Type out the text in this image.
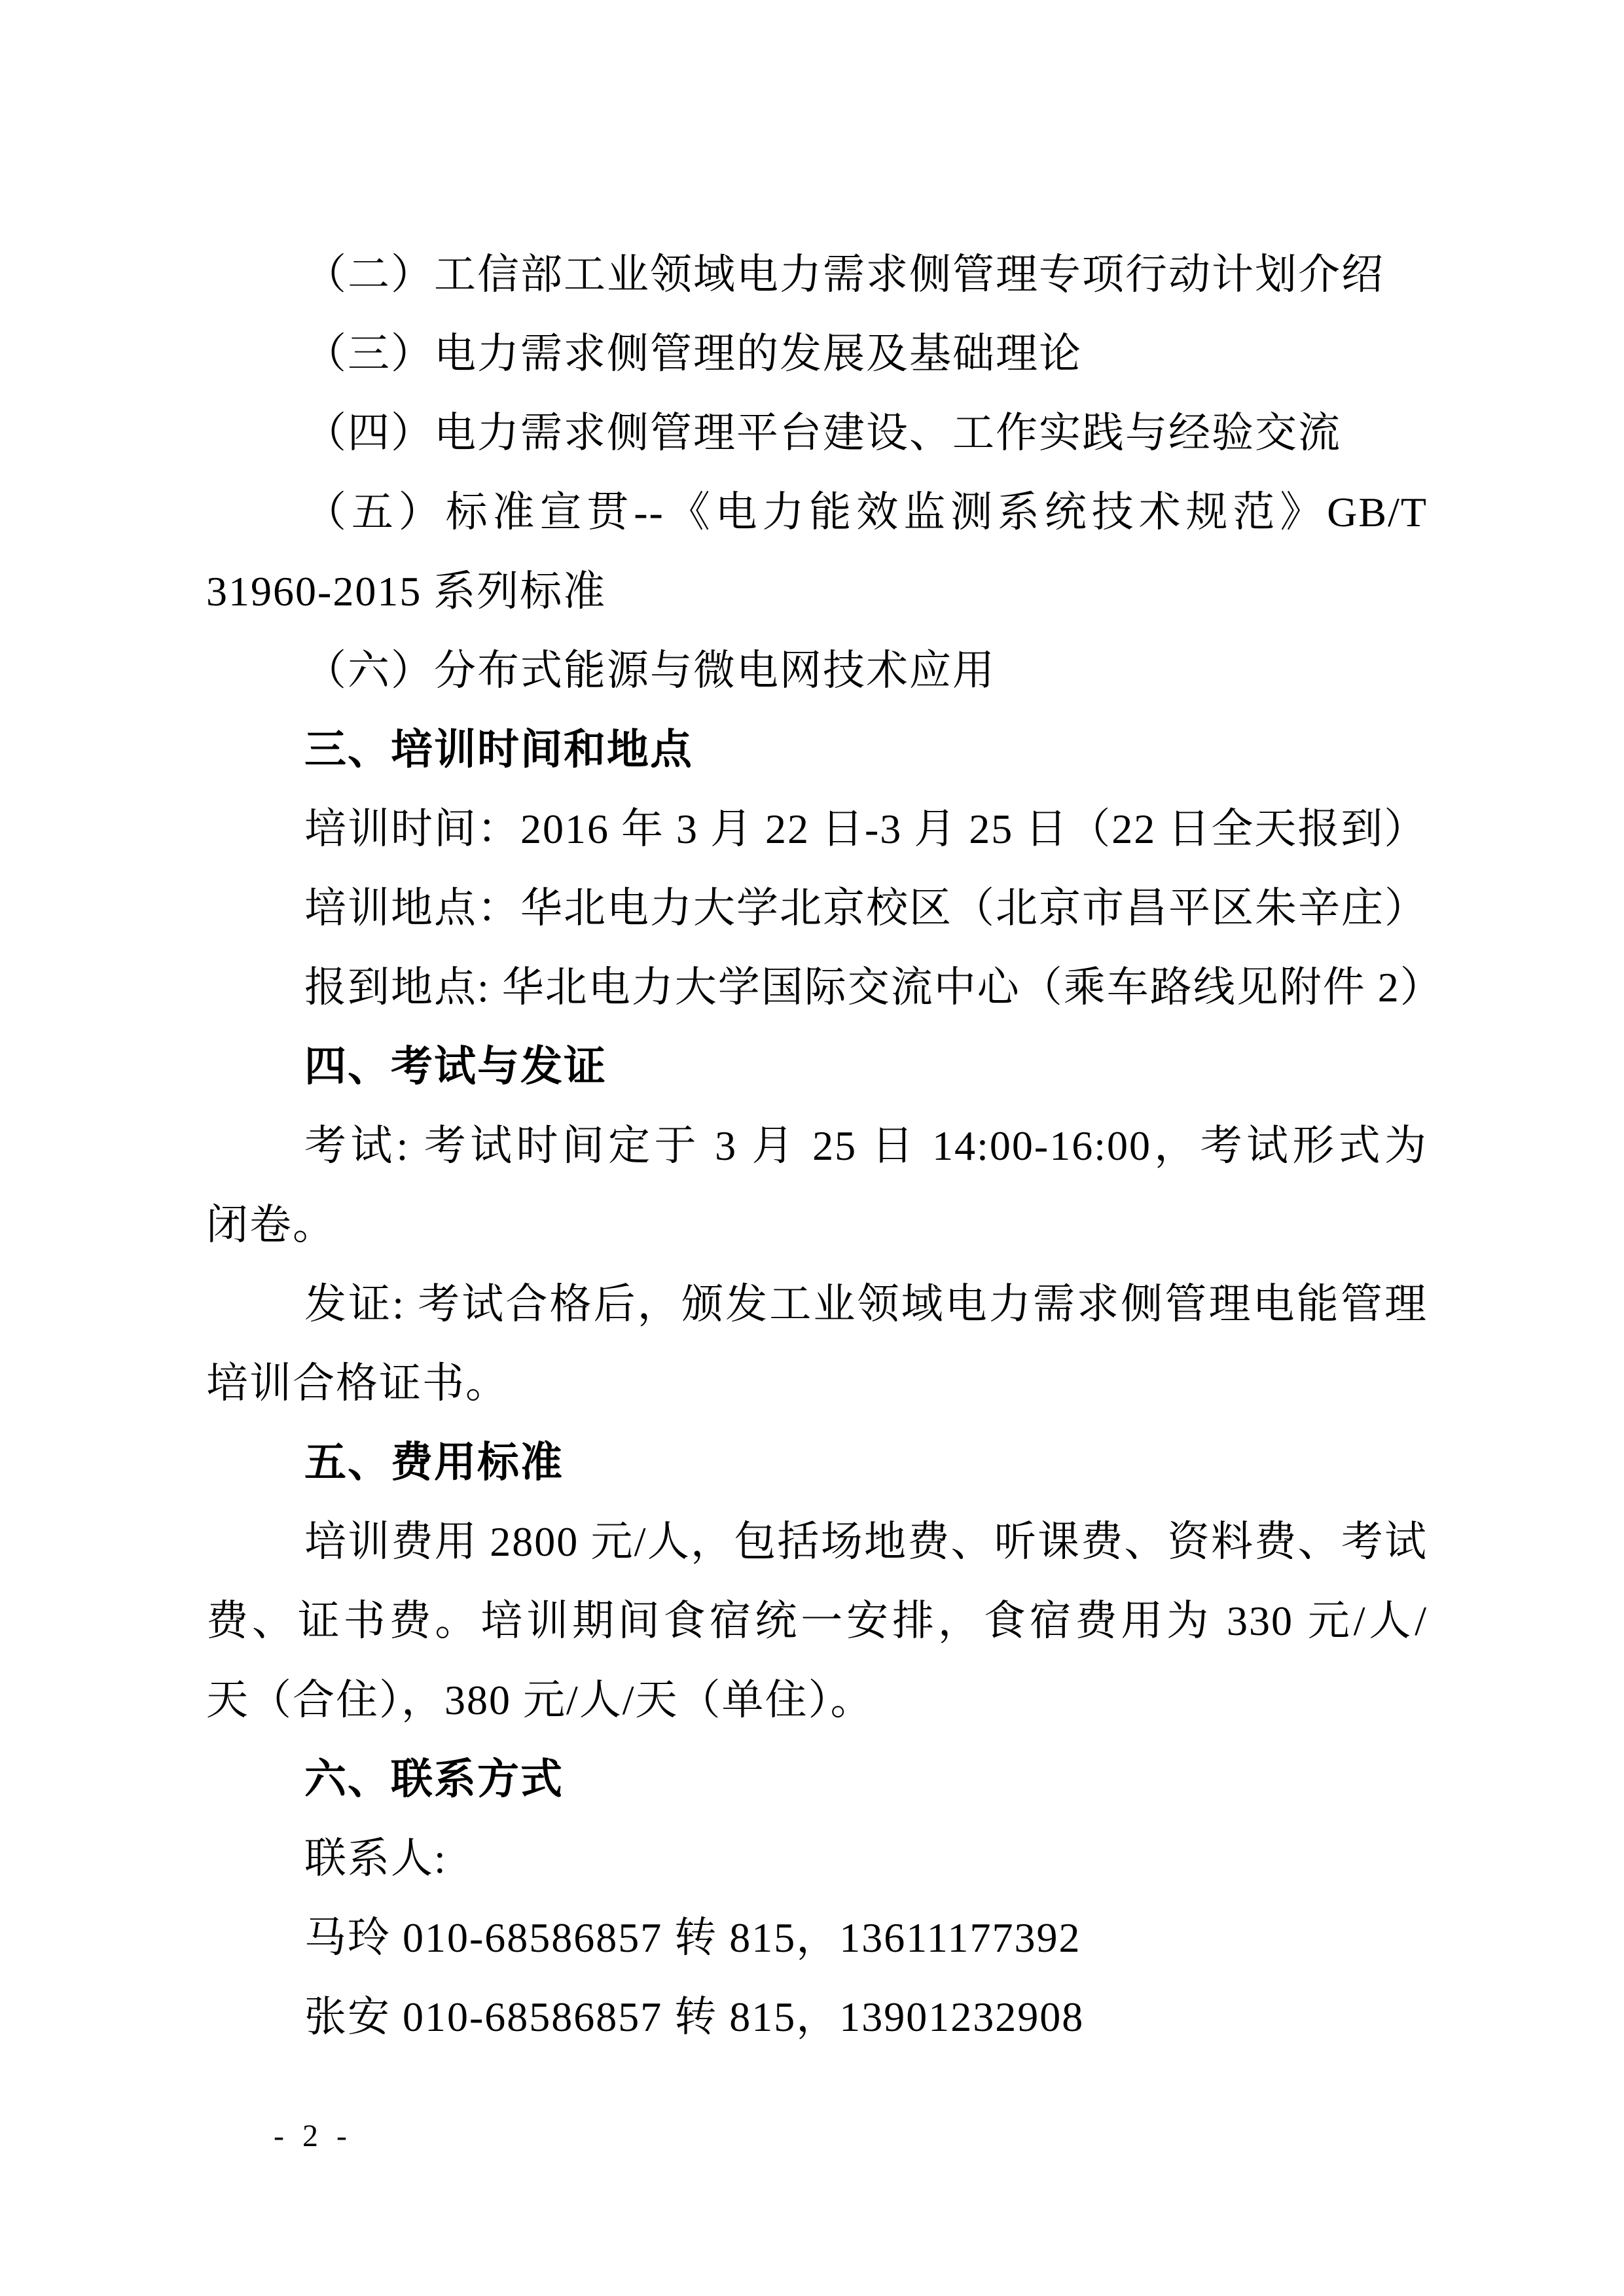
（二）工信部工业领域电力需求侧管理专项行动计划介绍
（三）电力需求侧管理的发展及基础理论
（四）电力需求侧管理平台建设、工作实践与经验交流
（五）标准宣贯--《电力能效监测系统技术规范》GB/T
31960-2015 系列标准
（六）分布式能源与微电网技术应用
三、培训时间和地点
培训时间：2016 年 3 月 22 日-3 月 25 日（22 日全天报到）
培训地点：华北电力大学北京校区（北京市昌平区朱辛庄）
报到地点: 华北电力大学国际交流中心（乘车路线见附件 2）
四、考试与发证
考试: 考试时间定于 3 月 25 日 14:00-16:00，考试形式为
闭卷。
发证: 考试合格后，颁发工业领域电力需求侧管理电能管理
培训合格证书。
五、费用标准
培训费用 2800 元/人，包括场地费、听课费、资料费、考试
费、证书费。培训期间食宿统一安排，食宿费用为 330 元/人/
天（合住），380 元/人/天（单住）。
六、联系方式
联系人:
马玲 010-68586857 转 815，13611177392
张安 010-68586857 转 815，13901232908
- 2 -
